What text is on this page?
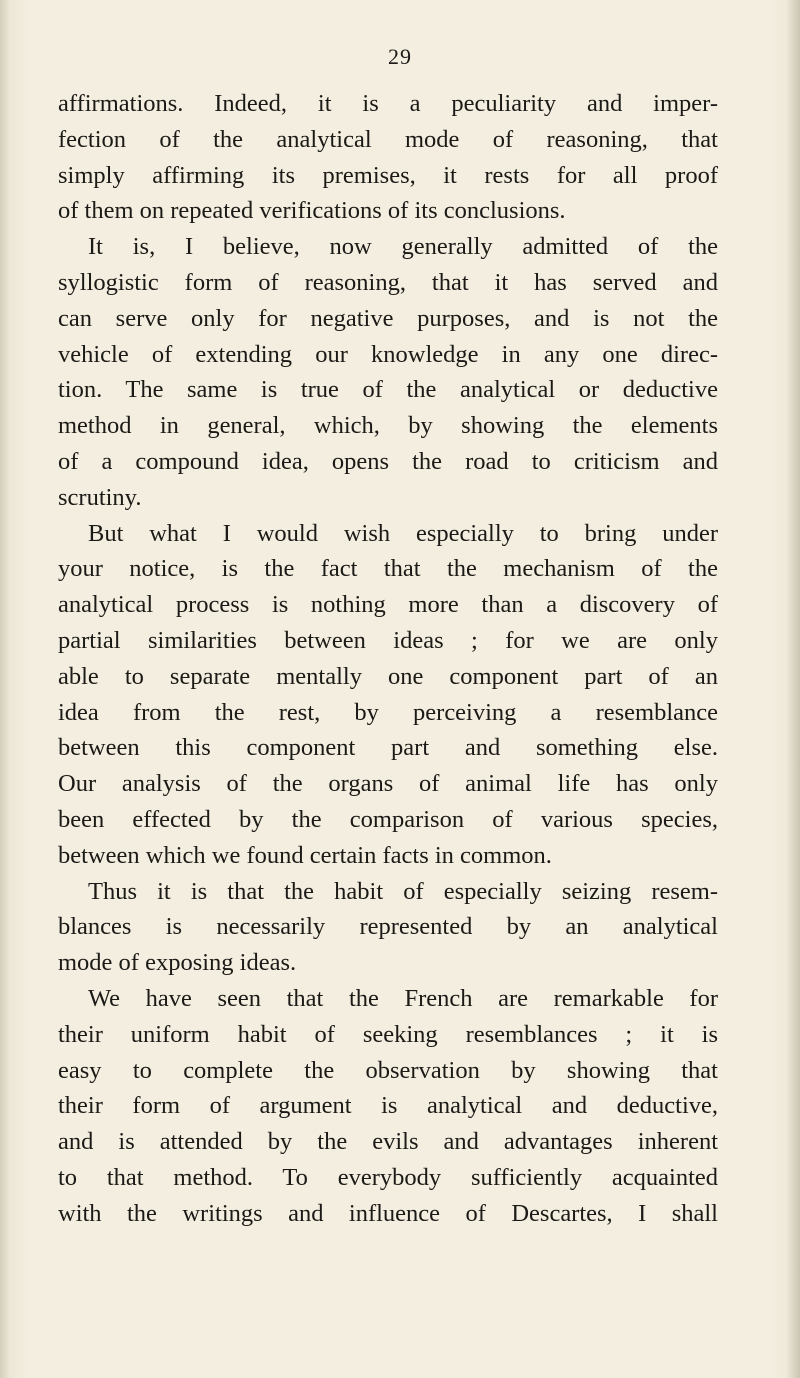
29
affirmations. Indeed, it is a peculiarity and imper-
fection of the analytical mode of reasoning, that
simply affirming its premises, it rests for all proof
of them on repeated verifications of its conclusions.
It is, I believe, now generally admitted of the
syllogistic form of reasoning, that it has served and
can serve only for negative purposes, and is not the
vehicle of extending our knowledge in any one direc-
tion. The same is true of the analytical or deductive
method in general, which, by showing the elements
of a compound idea, opens the road to criticism and
scrutiny.
But what I would wish especially to bring under
your notice, is the fact that the mechanism of the
analytical process is nothing more than a discovery of
partial similarities between ideas ; for we are only
able to separate mentally one component part of an
idea from the rest, by perceiving a resemblance
between this component part and something else.
Our analysis of the organs of animal life has only
been effected by the comparison of various species,
between which we found certain facts in common.
Thus it is that the habit of especially seizing resem-
blances is necessarily represented by an analytical
mode of exposing ideas.
We have seen that the French are remarkable for
their uniform habit of seeking resemblances ; it is
easy to complete the observation by showing that
their form of argument is analytical and deductive,
and is attended by the evils and advantages inherent
to that method. To everybody sufficiently acquainted
with the writings and influence of Descartes, I shall
